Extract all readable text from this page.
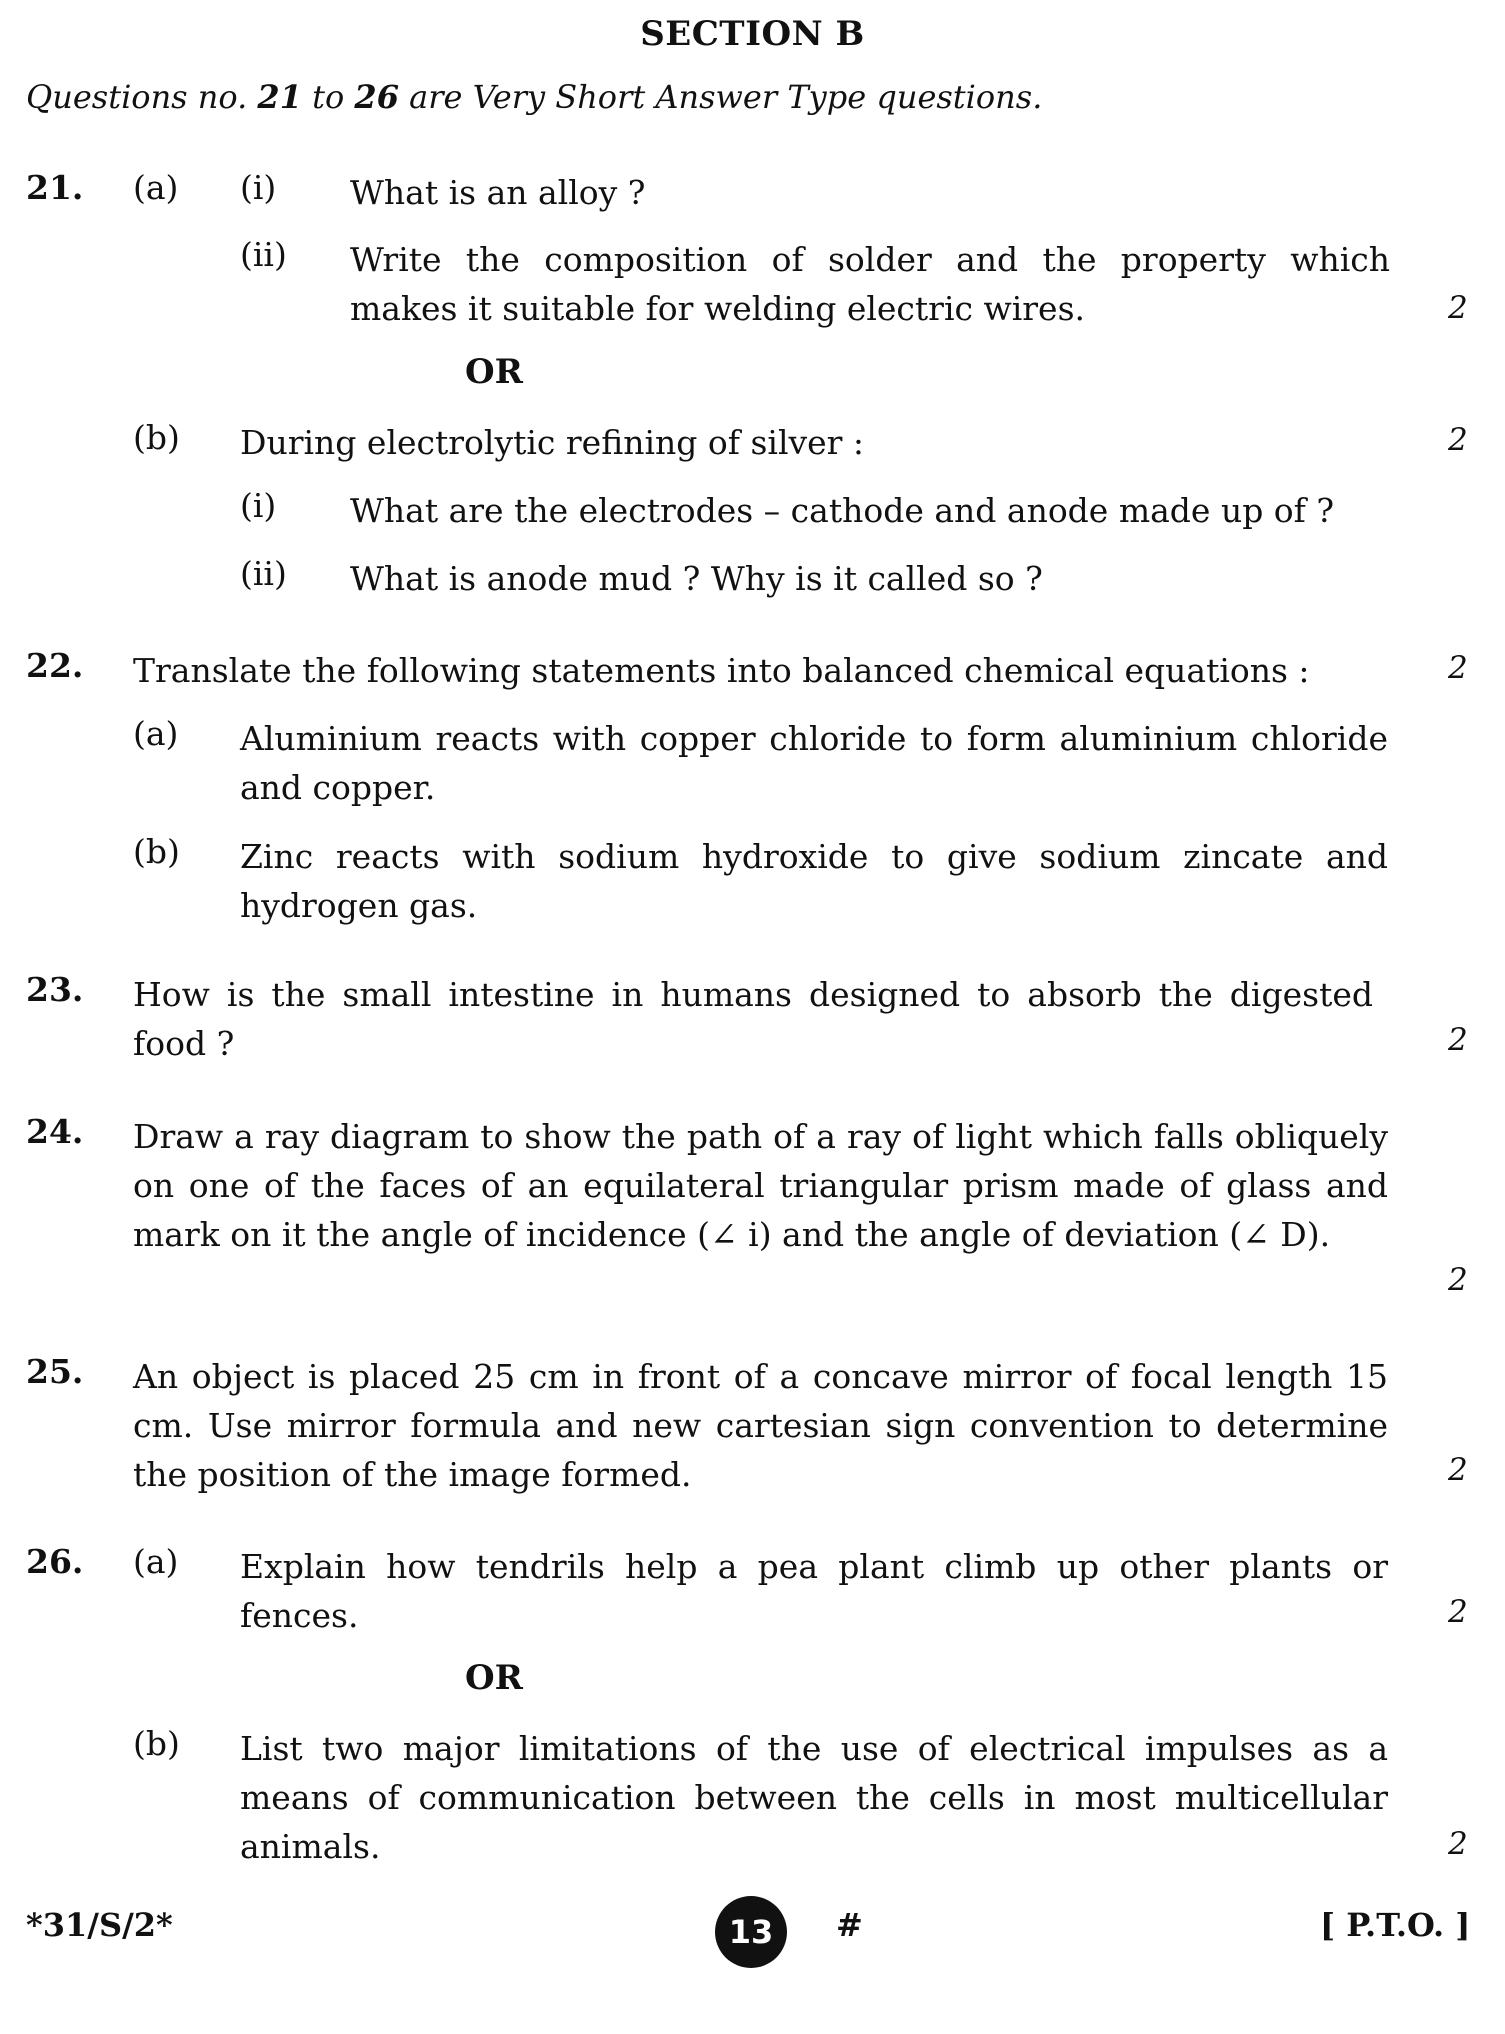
SECTION B
Questions no. 21 to 26 are Very Short Answer Type questions.
21. (a) (i) What is an alloy ?
(ii) Write the composition of solder and the property which makes it suitable for welding electric wires.	2
OR
(b) During electrolytic refining of silver :	2
(i) What are the electrodes – cathode and anode made up of ?
(ii) What is anode mud ? Why is it called so ?
22. Translate the following statements into balanced chemical equations :	2
(a) Aluminium reacts with copper chloride to form aluminium chloride and copper.
(b) Zinc reacts with sodium hydroxide to give sodium zincate and hydrogen gas.
23. How is the small intestine in humans designed to absorb the digested food ?	2
24. Draw a ray diagram to show the path of a ray of light which falls obliquely on one of the faces of an equilateral triangular prism made of glass and mark on it the angle of incidence (∠ i) and the angle of deviation (∠ D).
2
25. An object is placed 25 cm in front of a concave mirror of focal length 15 cm. Use mirror formula and new cartesian sign convention to determine the position of the image formed.	2
26. (a) Explain how tendrils help a pea plant climb up other plants or fences.	2
OR
(b) List two major limitations of the use of electrical impulses as a means of communication between the cells in most multicellular animals.	2
*31/S/2*	13	#	[ P.T.O. ]
